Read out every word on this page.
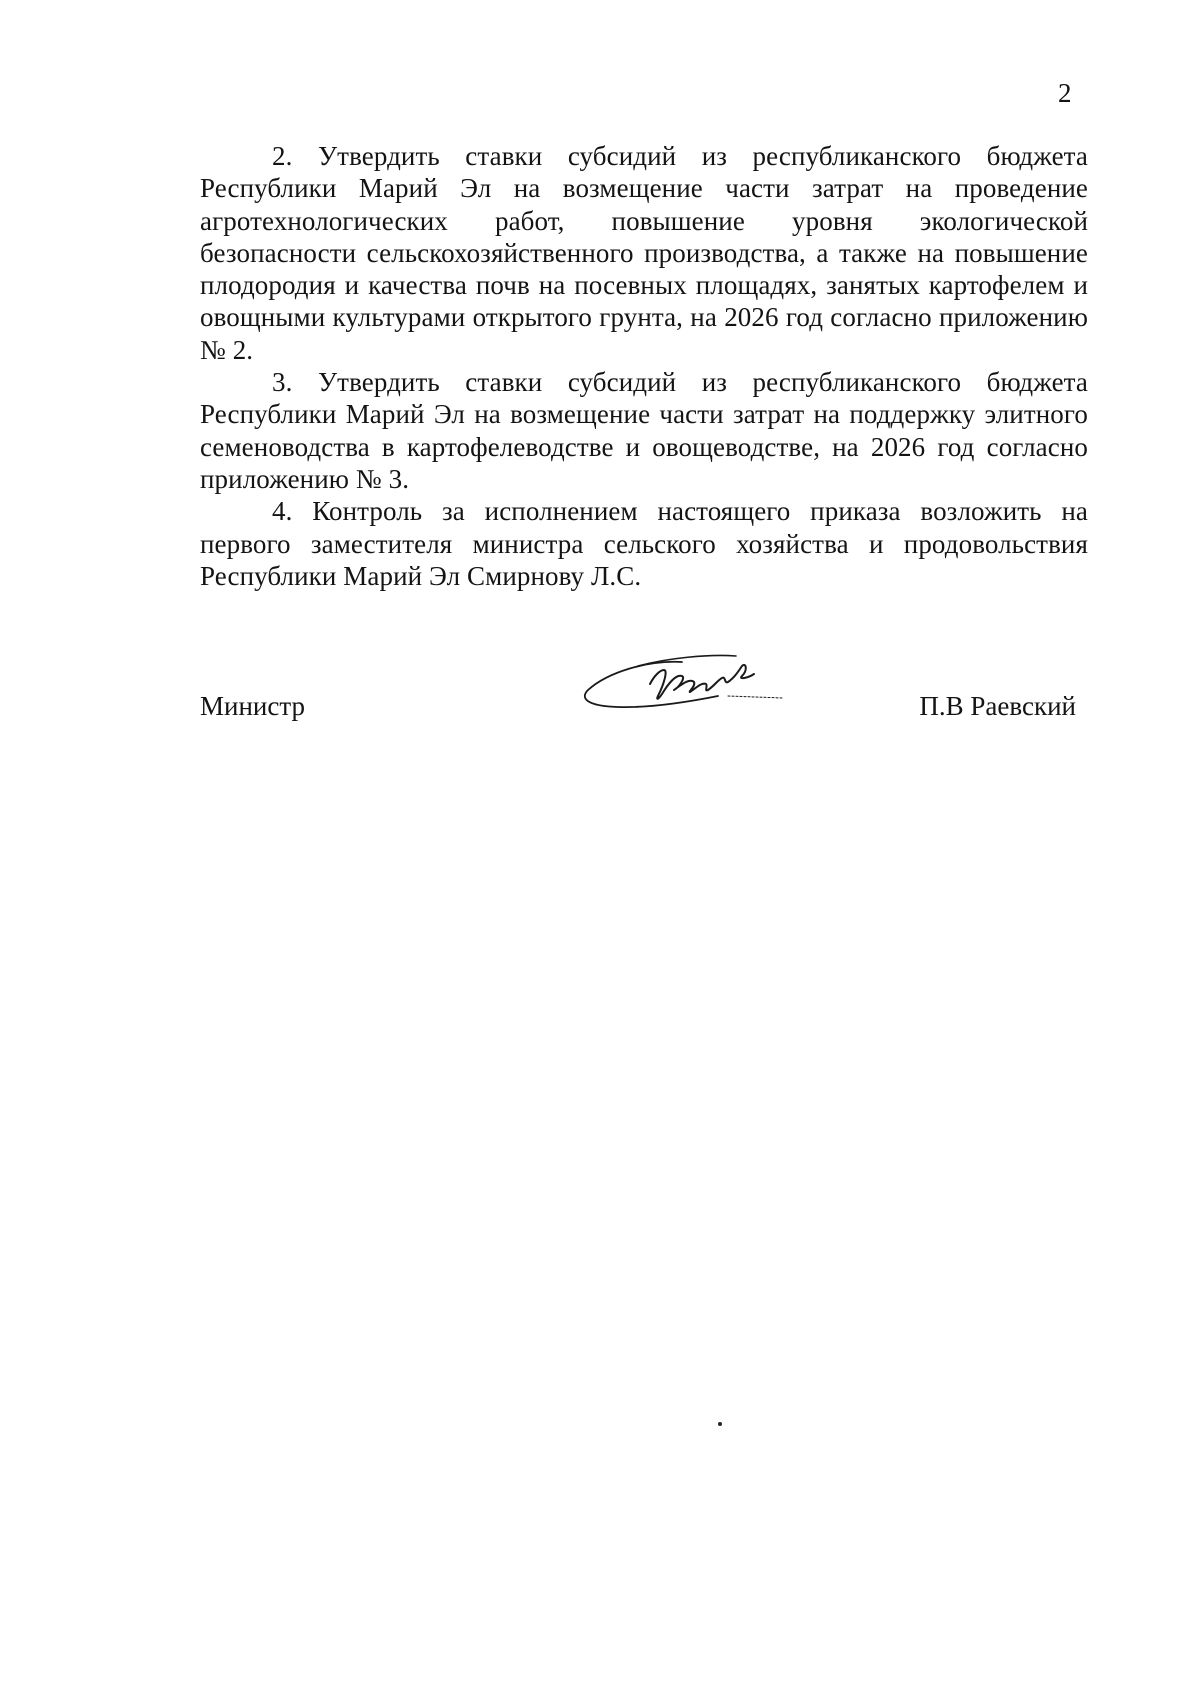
2

2. Утвердить ставки субсидий из республиканского бюджета Республики Марий Эл на возмещение части затрат на проведение агротехнологических работ, повышение уровня экологической безопасности сельскохозяйственного производства, а также на повышение плодородия и качества почв на посевных площадях, занятых картофелем и овощными культурами открытого грунта, на 2026 год согласно приложению № 2.

3. Утвердить ставки субсидий из республиканского бюджета Республики Марий Эл на возмещение части затрат на поддержку элитного семеноводства в картофелеводстве и овощеводстве, на 2026 год согласно приложению № 3.

4. Контроль за исполнением настоящего приказа возложить на первого заместителя министра сельского хозяйства и продовольствия Республики Марий Эл Смирнову Л.С.

Министр	П.В Раевский
